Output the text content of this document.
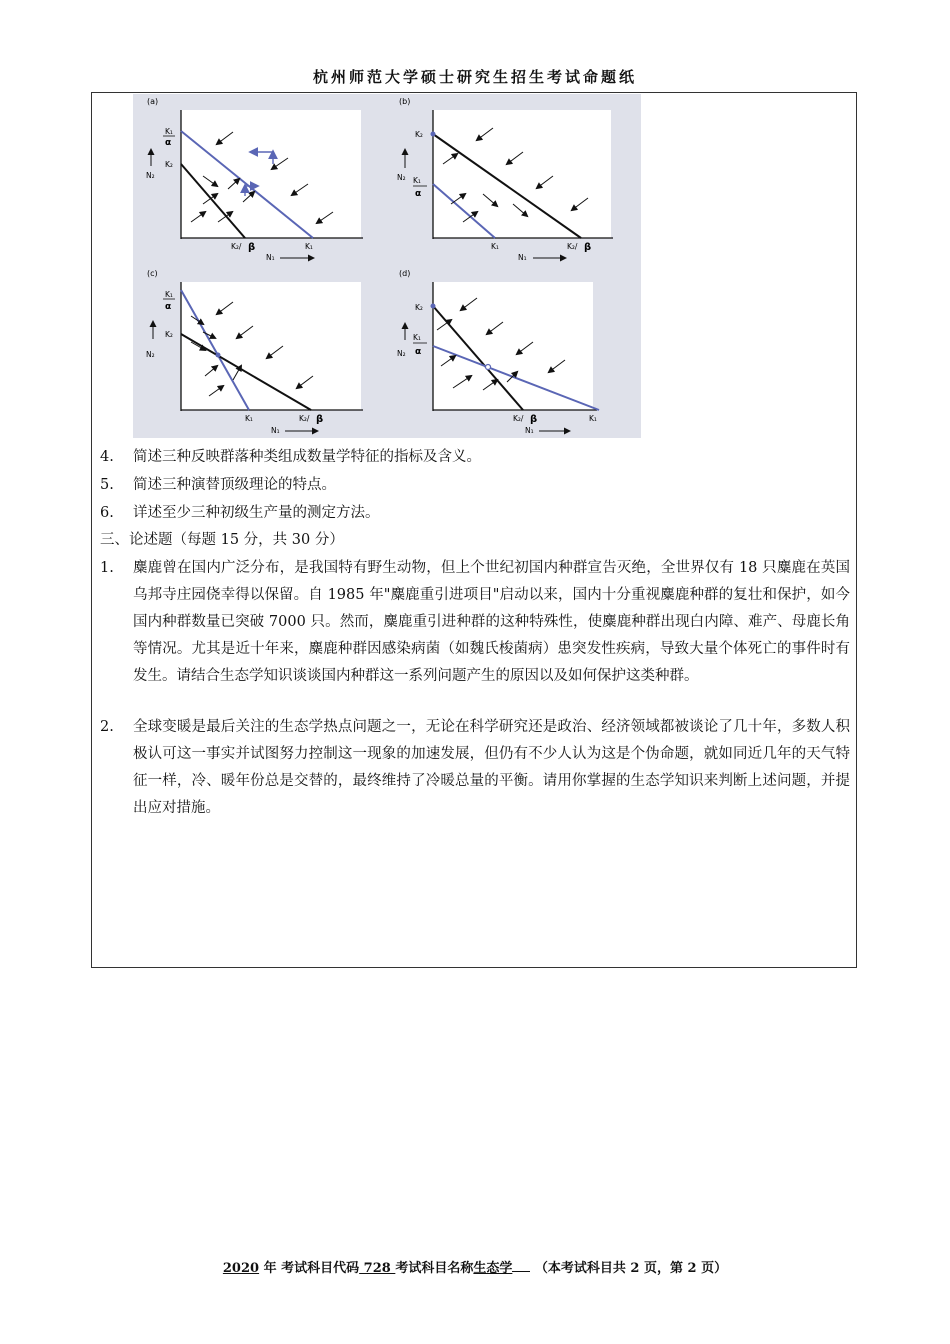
杭州师范大学硕士研究生招生考试命题纸
(a)
K₁
α
K₂
N₂
K₂/ β	K₁
N₁
(b)
K₂
K₁
α
N₂
K₁	K₂/ β
N₁
(c)
K₁
α
K₂
N₂
K₁	K₂/ β
N₁
(d)
K₂
K₁
α
N₂
K₂/ β	K₁
N₁
4. 简述三种反映群落种类组成数量学特征的指标及含义。
5. 简述三种演替顶级理论的特点。
6. 详述至少三种初级生产量的测定方法。
三、论述题（每题 15 分，共 30 分）
1. 麋鹿曾在国内广泛分布，是我国特有野生动物，但上个世纪初国内种群宣告灭绝，全世界仅有 18 只麋鹿在英国乌邦寺庄园侥幸得以保留。自 1985 年"麋鹿重引进项目"启动以来，国内十分重视麋鹿种群的复壮和保护，如今国内种群数量已突破 7000 只。然而，麋鹿重引进种群的这种特殊性，使麋鹿种群出现白内障、难产、母鹿长角等情况。尤其是近十年来，麋鹿种群因感染病菌（如魏氏梭菌病）患突发性疾病，导致大量个体死亡的事件时有发生。请结合生态学知识谈谈国内种群这一系列问题产生的原因以及如何保护这类种群。
2. 全球变暖是最后关注的生态学热点问题之一，无论在科学研究还是政治、经济领域都被谈论了几十年，多数人积极认可这一事实并试图努力控制这一现象的加速发展，但仍有不少人认为这是个伪命题，就如同近几年的天气特征一样，冷、暖年份总是交替的，最终维持了冷暖总量的平衡。请用你掌握的生态学知识来判断上述问题，并提出应对措施。
2020 年 考试科目代码 728 考试科目名称生态学 （本考试科目共 2 页，第 2 页）
